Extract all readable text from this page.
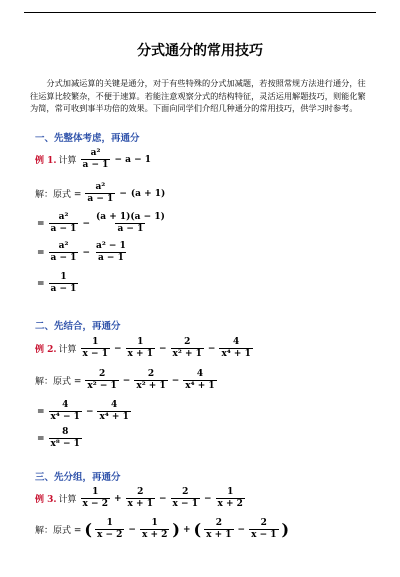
分式通分的常用技巧
分式加减运算的关键是通分，对于有些特殊的分式加减题，若按照常规方法进行通分，往往运算比较繁杂，不便于速算。若能注意观察分式的结构特征，灵活运用解题技巧，则能化繁为简，常可收到事半功倍的效果。下面向同学们介绍几种通分的常用技巧，供学习时参考。
一、先整体考虑，再通分
例 1. 计算 $\frac{\text{a²}}{a - 1} - a - 1$
解：原式 = $\frac{\text{a²}}{a - 1} - (a + 1)$
= $\frac{\text{a²}}{a - 1} - \frac{(a + 1)(a - 1)}{a - 1}$
= $\frac{\text{a²}}{a - 1} - \frac{\text{a² − 1}}{a - 1}$
= $\frac{1}{a - 1}$
二、先结合，再通分
例 2. 计算 $\frac{1}{x - 1} - \frac{1}{x + 1} - \frac{2}{\text{x² + 1}} - \frac{4}{\text{x⁴ + 1}}$
解：原式 = $\frac{2}{\text{x² − 1}} - \frac{2}{\text{x² + 1}} - \frac{4}{\text{x⁴ + 1}}$
= $\frac{4}{\text{x⁴ − 1}} - \frac{4}{\text{x⁴ + 1}}$
= $\frac{8}{\text{x⁸ − 1}}$
三、先分组，再通分
例 3. 计算 $\frac{1}{x - 2} + \frac{2}{x + 1} - \frac{2}{x - 1} - \frac{1}{x + 2}$
解：原式 = ( $\frac{1}{x - 2} - \frac{1}{x + 2}$ ) + ( $\frac{2}{x + 1} - \frac{2}{x - 1}$ )
